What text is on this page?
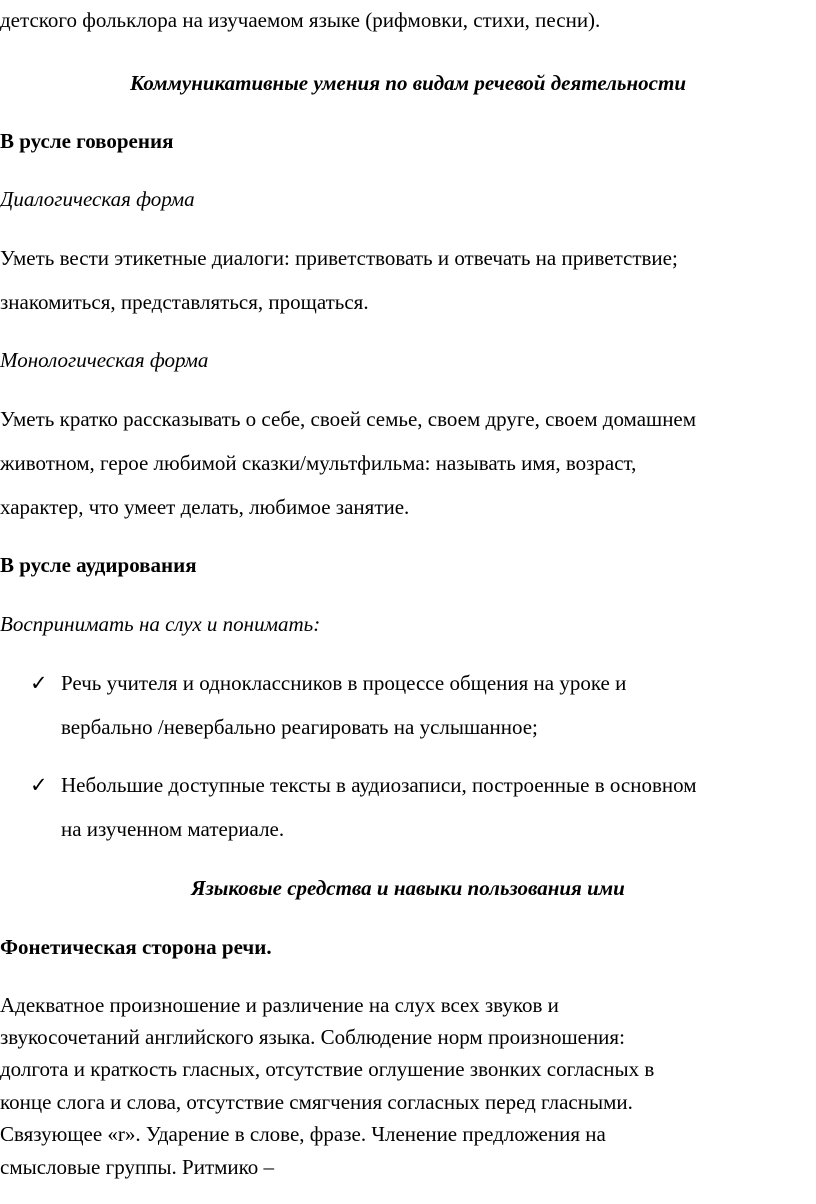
детского фольклора на изучаемом языке (рифмовки, стихи, песни).
Коммуникативные умения по видам речевой деятельности
В русле говорения
Диалогическая форма
Уметь вести этикетные диалоги: приветствовать и отвечать на приветствие;
знакомиться, представляться, прощаться.
Монологическая форма
Уметь кратко рассказывать о себе, своей семье, своем друге, своем домашнем
животном, герое любимой сказки/мультфильма: называть имя, возраст,
характер, что умеет делать, любимое занятие.
В русле аудирования
Воспринимать на слух и понимать:
✓ Речь учителя и одноклассников в процессе общения на уроке и
вербально /невербально реагировать на услышанное;
✓ Небольшие доступные тексты в аудиозаписи, построенные в основном
на изученном материале.
Языковые средства и навыки пользования ими
Фонетическая сторона речи.
Адекватное произношение и различение на слух всех звуков и
звукосочетаний английского языка. Соблюдение норм произношения:
долгота и краткость гласных, отсутствие оглушение звонких согласных в
конце слога и слова, отсутствие смягчения согласных перед гласными.
Связующее «r». Ударение в слове, фразе. Членение предложения на
смысловые группы. Ритмико –
